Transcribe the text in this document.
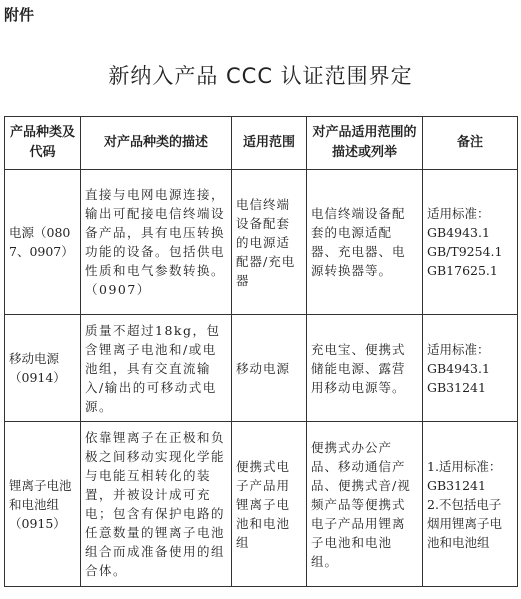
附件
新纳入产品 CCC 认证范围界定
产品种类及代码	对产品种类的描述	适用范围	对产品适用范围的描述或列举	备注
电源（0807、0907）	直接与电网电源连接，输出可配接电信终端设备产品，具有电压转换功能的设备。包括供电性质和电气参数转换。（0907）	电信终端设备配套的电源适配器/充电器	电信终端设备配套的电源适配器、充电器、电源转换器等。	适用标准：
GB4943.1
GB/T9254.1
GB17625.1

移动电源（0914）	质量不超过18kg，包含锂离子电池和/或电池组，具有交直流输入/输出的可移动式电源。	移动电源	充电宝、便携式储能电源、露营用移动电源等。	适用标准：
GB4943.1
GB31241

锂离子电池和电池组（0915）	依靠锂离子在正极和负极之间移动实现化学能与电能互相转化的装置，并被设计成可充电；包含有保护电路的任意数量的锂离子电池组合而成准备使用的组合体。	便携式电子产品用锂离子电池和电池组	便携式办公产品、移动通信产品、便携式音/视频产品等便携式电子产品用锂离子电池和电池组。	1.适用标准：
GB31241
2.不包括电子烟用锂离子电池和电池组
